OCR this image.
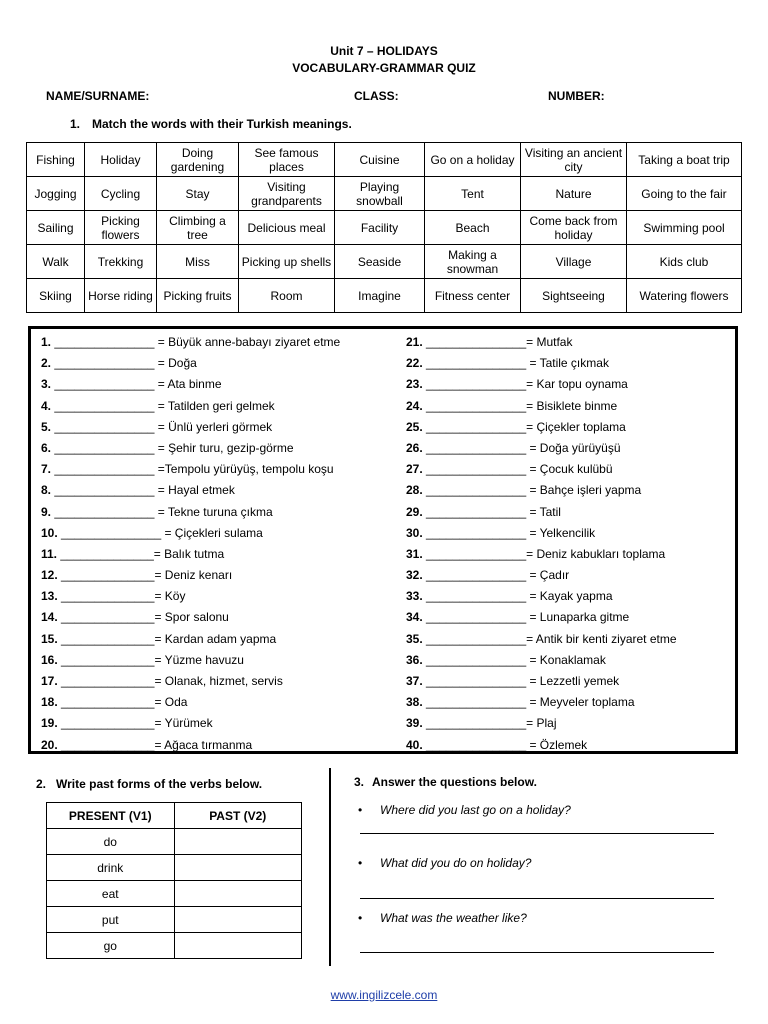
Unit 7 – HOLIDAYS
VOCABULARY-GRAMMAR QUIZ
NAME/SURNAME:	CLASS:	NUMBER:
1. Match the words with their Turkish meanings.
Fishing	Holiday	Doing gardening	See famous places	Cuisine	Go on a holiday	Visiting an ancient city	Taking a boat trip
Jogging	Cycling	Stay	Visiting grandparents	Playing snowball	Tent	Nature	Going to the fair
Sailing	Picking flowers	Climbing a tree	Delicious meal	Facility	Beach	Come back from holiday	Swimming pool
Walk	Trekking	Miss	Picking up shells	Seaside	Making a snowman	Village	Kids club
Skiing	Horse riding	Picking fruits	Room	Imagine	Fitness center	Sightseeing	Watering flowers
1. _______________ = Büyük anne-babayı ziyaret etme
2. _______________ = Doğa
3. _______________ = Ata binme
4. _______________ = Tatilden geri gelmek
5. _______________ = Ünlü yerleri görmek
6. _______________ = Şehir turu, gezip-görme
7. _______________ =Tempolu yürüyüş, tempolu koşu
8. _______________ = Hayal etmek
9. _______________ = Tekne turuna çıkma
10. _______________ = Çiçekleri sulama
11. ______________= Balık tutma
12. ______________= Deniz kenarı
13. ______________= Köy
14. ______________= Spor salonu
15. ______________= Kardan adam yapma
16. ______________= Yüzme havuzu
17. ______________= Olanak, hizmet, servis
18. ______________= Oda
19. ______________= Yürümek
20. ______________= Ağaca tırmanma
21. _______________= Mutfak
22. _______________ = Tatile çıkmak
23. _______________= Kar topu oynama
24. _______________= Bisiklete binme
25. _______________= Çiçekler toplama
26. _______________ = Doğa yürüyüşü
27. _______________ = Çocuk kulübü
28. _______________ = Bahçe işleri yapma
29. _______________ = Tatil
30. _______________ = Yelkencilik
31. _______________= Deniz kabukları toplama
32. _______________ = Çadır
33. _______________ = Kayak yapma
34. _______________ = Lunaparka gitme
35. _______________= Antik bir kenti ziyaret etme
36. _______________ = Konaklamak
37. _______________ = Lezzetli yemek
38. _______________ = Meyveler toplama
39. _______________= Plaj
40. _______________ = Özlemek
2. Write past forms of the verbs below.
PRESENT (V1)	PAST (V2)
do	
drink	
eat	
put	
go	
3. Answer the questions below.
• Where did you last go on a holiday?
• What did you do on holiday?
• What was the weather like?
www.ingilizcele.com
